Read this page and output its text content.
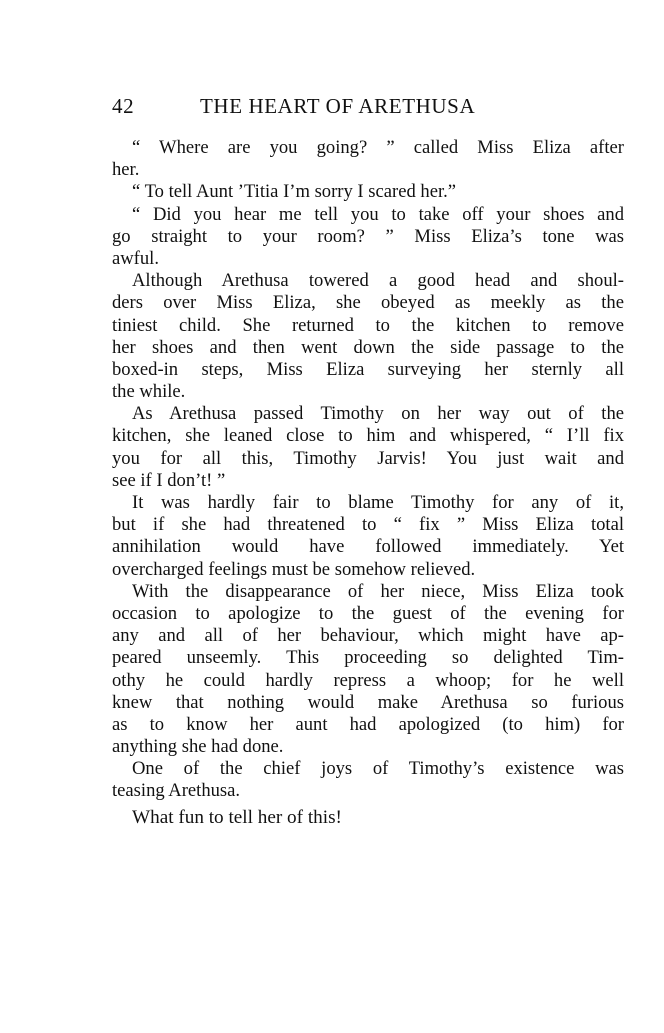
42	THE HEART OF ARETHUSA
“ Where are you going? ” called Miss Eliza after
her.
“ To tell Aunt ’Titia I’m sorry I scared her.”
“ Did you hear me tell you to take off your shoes and
go straight to your room? ” Miss Eliza’s tone was
awful.
Although Arethusa towered a good head and shoul-
ders over Miss Eliza, she obeyed as meekly as the
tiniest child. She returned to the kitchen to remove
her shoes and then went down the side passage to the
boxed-in steps, Miss Eliza surveying her sternly all
the while.
As Arethusa passed Timothy on her way out of the
kitchen, she leaned close to him and whispered, “ I’ll fix
you for all this, Timothy Jarvis! You just wait and
see if I don’t! ”
It was hardly fair to blame Timothy for any of it,
but if she had threatened to “ fix ” Miss Eliza total
annihilation would have followed immediately. Yet
overcharged feelings must be somehow relieved.
With the disappearance of her niece, Miss Eliza took
occasion to apologize to the guest of the evening for
any and all of her behaviour, which might have ap-
peared unseemly. This proceeding so delighted Tim-
othy he could hardly repress a whoop; for he well
knew that nothing would make Arethusa so furious
as to know her aunt had apologized (to him) for
anything she had done.
One of the chief joys of Timothy’s existence was
teasing Arethusa.
What fun to tell her of this!
